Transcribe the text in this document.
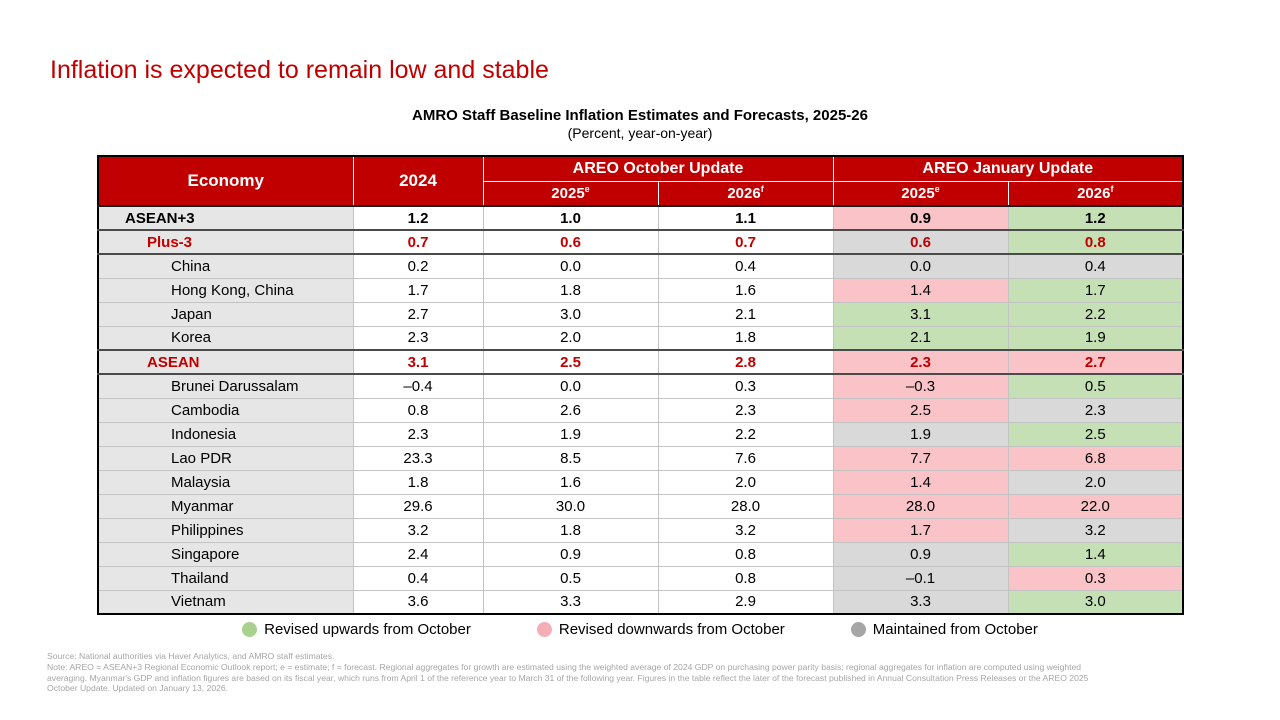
Inflation is expected to remain low and stable
AMRO Staff Baseline Inflation Estimates and Forecasts, 2025-26
(Percent, year-on-year)
Economy	2024	AREO October Update		AREO January Update	
		2025e	2026$^f$	2025e	2026$^f$
ASEAN+3	1.2	1.0	1.1	0.9	1.2
Plus-3	0.7	0.6	0.7	0.6	0.8
China	0.2	0.0	0.4	0.0	0.4
Hong Kong, China	1.7	1.8	1.6	1.4	1.7
Japan	2.7	3.0	2.1	3.1	2.2
Korea	2.3	2.0	1.8	2.1	1.9
ASEAN	3.1	2.5	2.8	2.3	2.7
Brunei Darussalam	–0.4	0.0	0.3	–0.3	0.5
Cambodia	0.8	2.6	2.3	2.5	2.3
Indonesia	2.3	1.9	2.2	1.9	2.5
Lao PDR	23.3	8.5	7.6	7.7	6.8
Malaysia	1.8	1.6	2.0	1.4	2.0
Myanmar	29.6	30.0	28.0	28.0	22.0
Philippines	3.2	1.8	3.2	1.7	3.2
Singapore	2.4	0.9	0.8	0.9	1.4
Thailand	0.4	0.5	0.8	–0.1	0.3
Vietnam	3.6	3.3	2.9	3.3	3.0
Revised upwards from October	Revised downwards from October	Maintained from October
Source: National authorities via Haver Analytics, and AMRO staff estimates.
Note: AREO = ASEAN+3 Regional Economic Outlook report; e = estimate; f = forecast. Regional aggregates for growth are estimated using the weighted average of 2024 GDP on purchasing power parity basis; regional aggregates for inflation are computed using weighted
averaging. Myanmar's GDP and inflation figures are based on its fiscal year, which runs from April 1 of the reference year to March 31 of the following year. Figures in the table reflect the later of the forecast published in Annual Consultation Press Releases or the AREO 2025
October Update. Updated on January 13, 2026.
